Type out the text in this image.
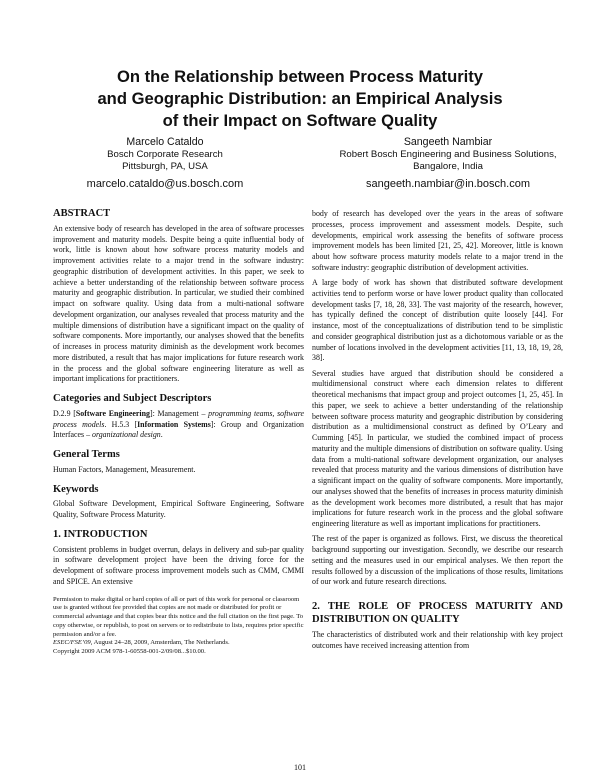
On the Relationship between Process Maturity
and Geographic Distribution: an Empirical Analysis
of their Impact on Software Quality
Marcelo Cataldo
Bosch Corporate Research
Pittsburgh, PA, USA
marcelo.cataldo@us.bosch.com
Sangeeth Nambiar
Robert Bosch Engineering and Business Solutions,
Bangalore, India
sangeeth.nambiar@in.bosch.com
ABSTRACT

An extensive body of research has developed in the area of software processes improvement and maturity models. Despite being a quite influential body of work, little is known about how software process maturity models and improvement activities relate to a major trend in the software industry: geographic distribution of development activities. In this paper, we seek to achieve a better understanding of the relationship between software process maturity and geographic distribution. In particular, we studied their combined impact on software quality. Using data from a multi-national software development organization, our analyses revealed that process maturity and the multiple dimensions of distribution have a significant impact on the quality of software components. More importantly, our analyses showed that the benefits of increases in process maturity diminish as the development work becomes more distributed, a result that has major implications for future research work in the process and the global software engineering literature as well as important implications for practitioners.

Categories and Subject Descriptors

D.2.9 [Software Engineering]: Management – programming teams, software process models. H.5.3 [Information Systems]: Group and Organization Interfaces – organizational design.

General Terms

Human Factors, Management, Measurement.

Keywords

Global Software Development, Empirical Software Engineering, Software Quality, Software Process Maturity.

1. INTRODUCTION

Consistent problems in budget overrun, delays in delivery and sub-par quality in software development project have been the driving force for the development of software process improvement models such as CMM, CMMI and SPICE. An extensive

Permission to make digital or hard copies of all or part of this work for personal or classroom use is granted without fee provided that copies are not made or distributed for profit or commercial advantage and that copies bear this notice and the full citation on the first page. To copy otherwise, or republish, to post on servers or to redistribute to lists, requires prior specific permission and/or a fee.
ESEC/FSE’09, August 24–28, 2009, Amsterdam, The Netherlands.
Copyright 2009 ACM 978-1-60558-001-2/09/08...$10.00.

body of research has developed over the years in the areas of software processes, process improvement and assessment models. Despite, such developments, empirical work assessing the benefits of software process improvement models has been limited [21, 25, 42]. Moreover, little is known about how software process maturity models relate to a major trend in the software industry: geographic distribution of development activities.

A large body of work has shown that distributed software development activities tend to perform worse or have lower product quality than collocated development tasks [7, 18, 28, 33]. The vast majority of the research, however, has typically defined the concept of distribution quite loosely [44]. For instance, most of the conceptualizations of distribution tend to be simplistic and consider geographical distribution just as a dichotomous variable or as the number of locations involved in the development activities [11, 13, 18, 19, 28, 38].

Several studies have argued that distribution should be considered a multidimensional construct where each dimension relates to different theoretical mechanisms that impact group and project outcomes [1, 25, 45]. In this paper, we seek to achieve a better understanding of the relationship between software process maturity and geographic distribution by considering distribution as a multidimensional construct as defined by O’Leary and Cumming [45]. In particular, we studied the combined impact of process maturity and the multiple dimensions of distribution on software quality. Using data from a multi-national software development organization, our analyses revealed that process maturity and the various dimensions of distribution have a significant impact on the quality of software components. More importantly, our analyses showed that the benefits of increases in process maturity diminish as the development work becomes more distributed, a result that has major implications for future research work in the process and the global software engineering literature as well as important implications for practitioners.

The rest of the paper is organized as follows. First, we discuss the theoretical background supporting our investigation. Secondly, we describe our research setting and the measures used in our empirical analyses. We then report the results followed by a discussion of the implications of those results, limitations of our work and future research directions.

2. THE ROLE OF PROCESS MATURITY AND DISTRIBUTION ON QUALITY

The characteristics of distributed work and their relationship with key project outcomes have received increasing attention from

101
